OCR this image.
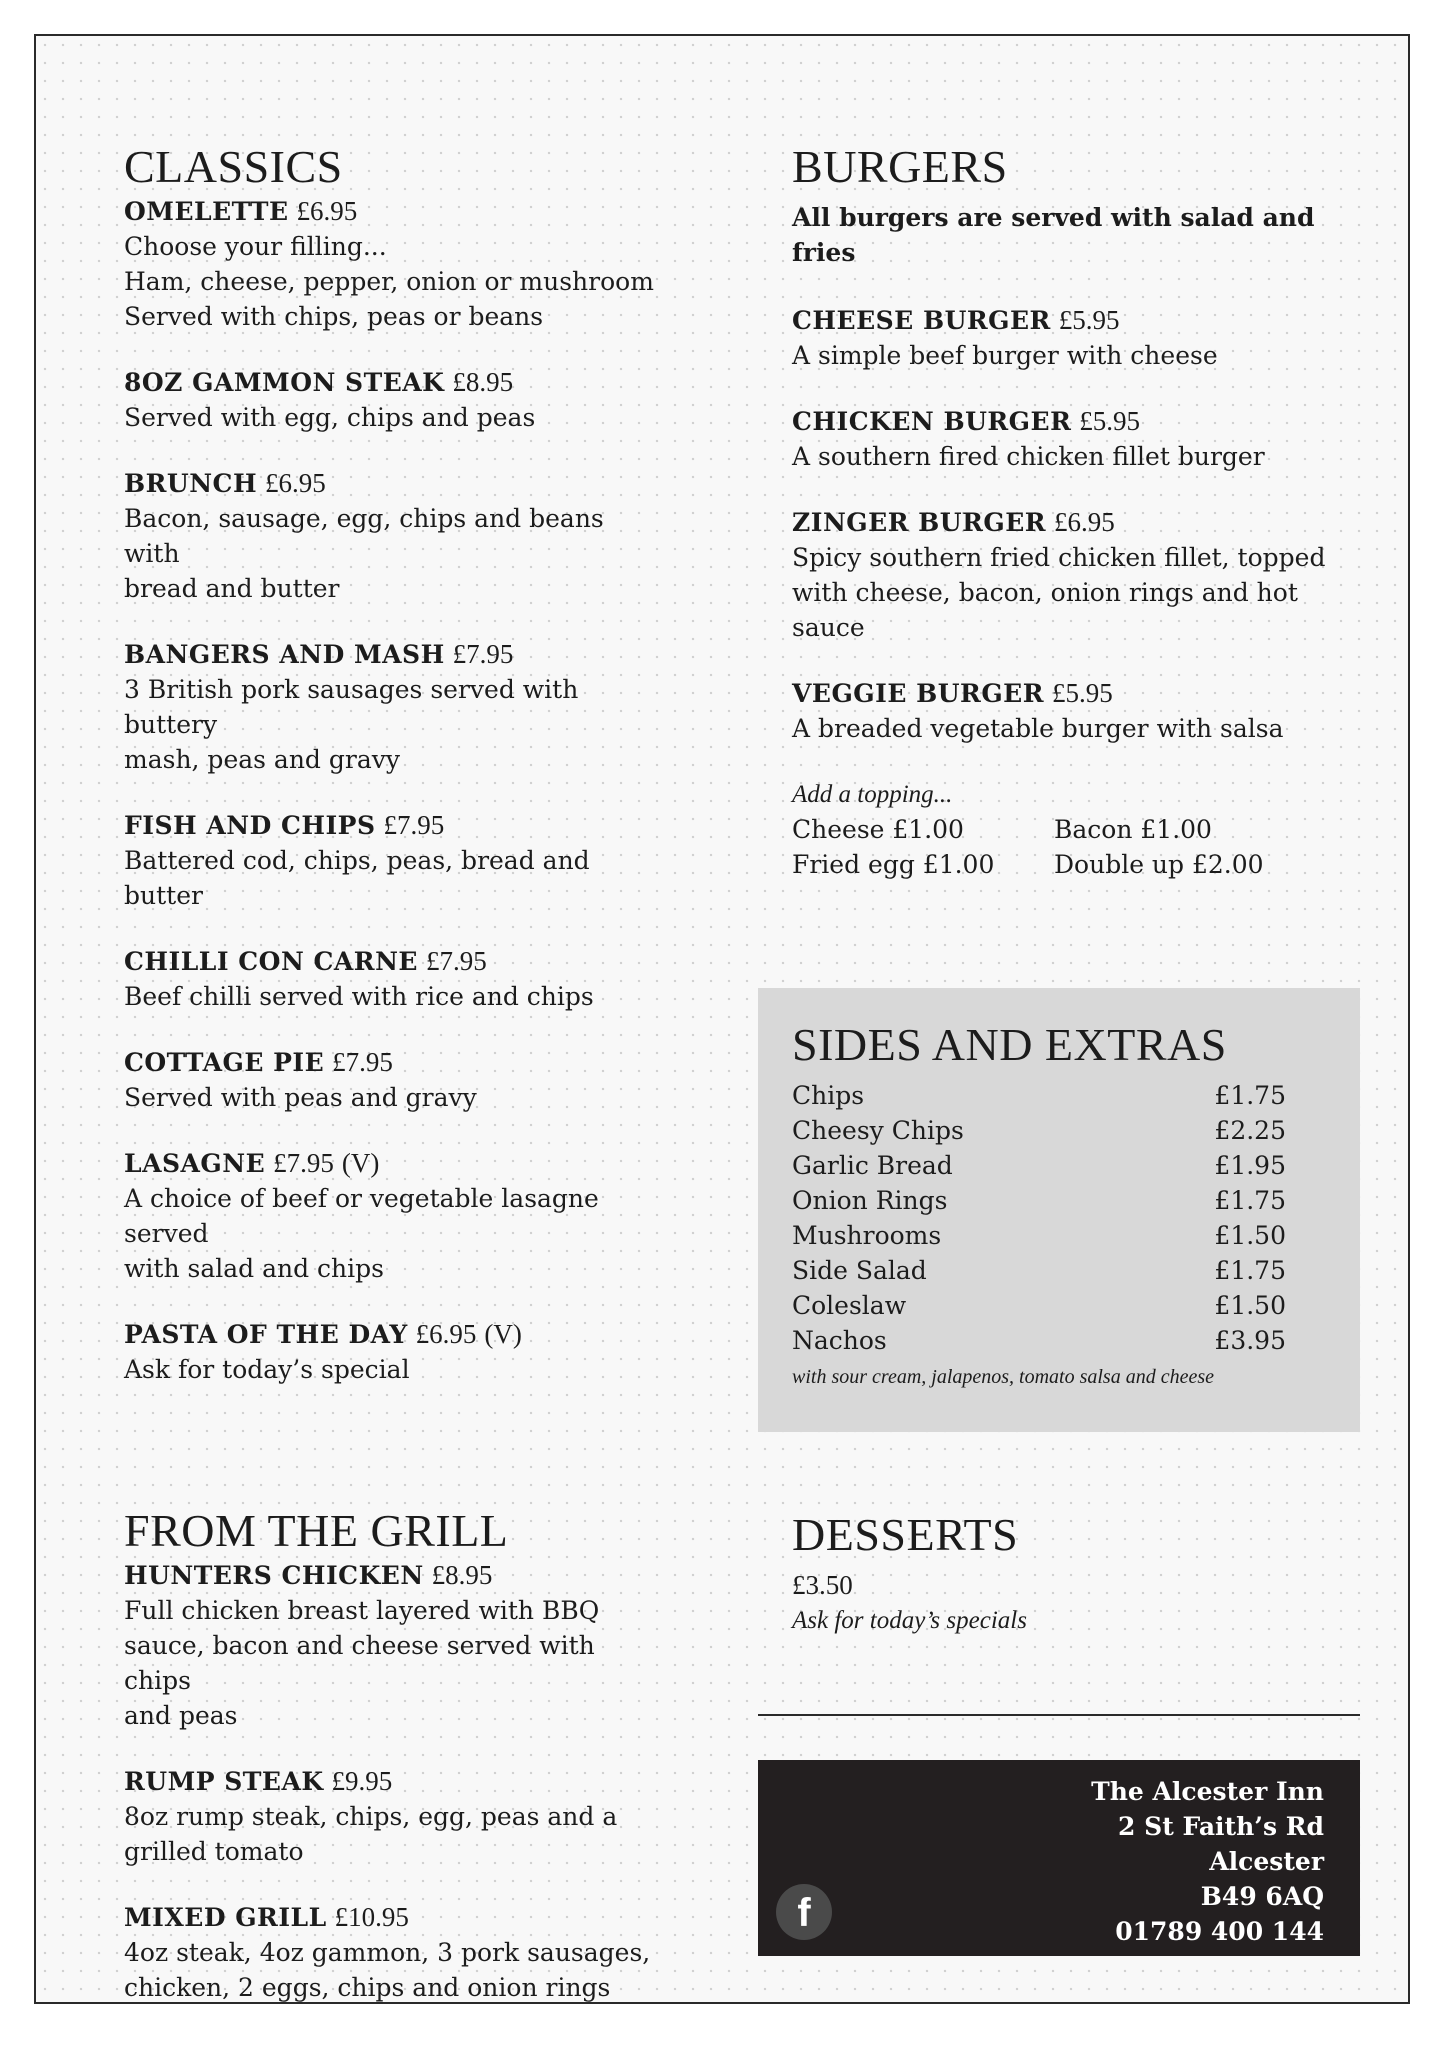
CLASSICS
OMELETTE £6.95
Choose your filling...
Ham, cheese, pepper, onion or mushroom
Served with chips, peas or beans
8OZ GAMMON STEAK £8.95
Served with egg, chips and peas
BRUNCH £6.95
Bacon, sausage, egg, chips and beans with
bread and butter
BANGERS AND MASH £7.95
3 British pork sausages served with buttery
mash, peas and gravy
FISH AND CHIPS £7.95
Battered cod, chips, peas, bread and butter
CHILLI CON CARNE £7.95
Beef chilli served with rice and chips
COTTAGE PIE £7.95
Served with peas and gravy
LASAGNE £7.95 (V)
A choice of beef or vegetable lasagne served
with salad and chips
PASTA OF THE DAY £6.95 (V)
Ask for today’s special
FROM THE GRILL
HUNTERS CHICKEN £8.95
Full chicken breast layered with BBQ
sauce, bacon and cheese served with chips
and peas
RUMP STEAK £9.95
8oz rump steak, chips, egg, peas and a
grilled tomato
MIXED GRILL £10.95
4oz steak, 4oz gammon, 3 pork sausages,
chicken, 2 eggs, chips and onion rings
BURGERS
All burgers are served with salad and
fries
CHEESE BURGER £5.95
A simple beef burger with cheese
CHICKEN BURGER £5.95
A southern fired chicken fillet burger
ZINGER BURGER £6.95
Spicy southern fried chicken fillet, topped
with cheese, bacon, onion rings and hot
sauce
VEGGIE BURGER £5.95
A breaded vegetable burger with salsa
Add a topping...
Cheese £1.00	Bacon £1.00
Fried egg £1.00	Double up £2.00
SIDES AND EXTRAS
Chips	£1.75
Cheesy Chips	£2.25
Garlic Bread	£1.95
Onion Rings	£1.75
Mushrooms	£1.50
Side Salad	£1.75
Coleslaw	£1.50
Nachos	£3.95
with sour cream, jalapenos, tomato salsa and cheese
DESSERTS
£3.50
Ask for today’s specials
The Alcester Inn
2 St Faith’s Rd
Alcester
B49 6AQ
01789 400 144
f
